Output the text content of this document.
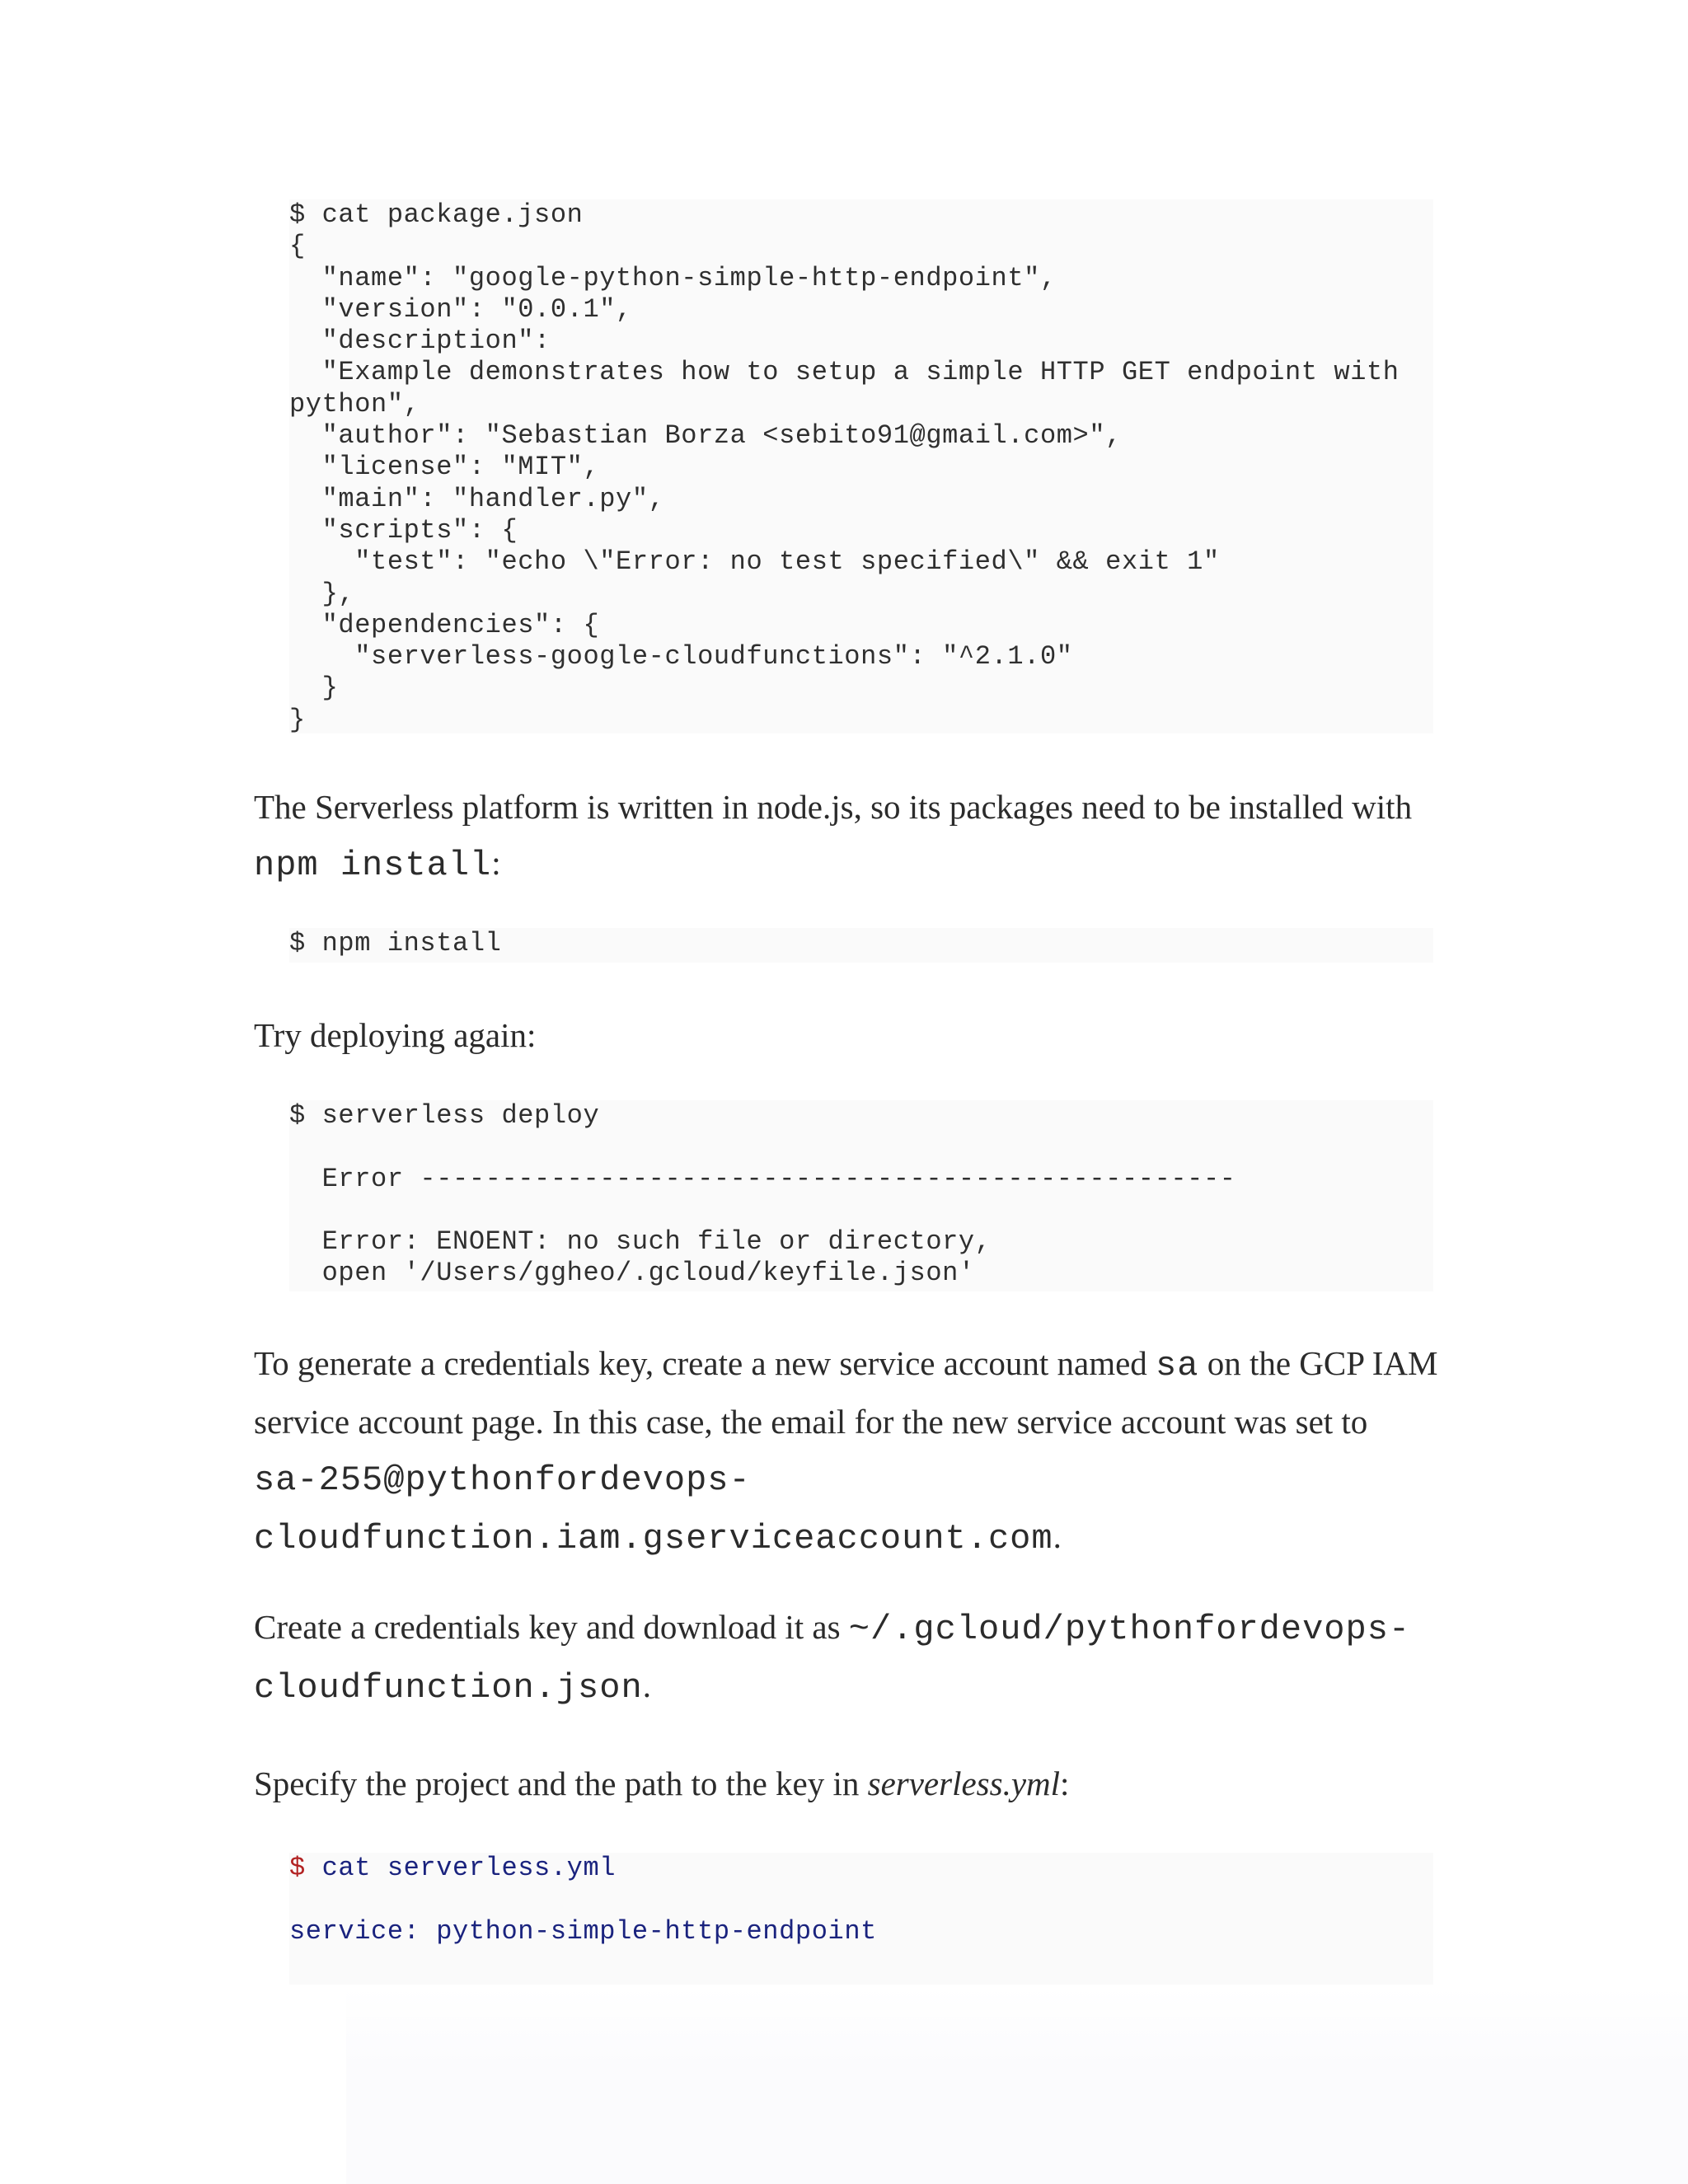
$ cat package.json
{
"name": "google-python-simple-http-endpoint",
"version": "0.0.1",
"description":
"Example demonstrates how to setup a simple HTTP GET endpoint with
python",
"author": "Sebastian Borza <sebito91@gmail.com>",
"license": "MIT",
"main": "handler.py",
"scripts": {
"test": "echo \"Error: no test specified\" && exit 1"
},
"dependencies": {
"serverless-google-cloudfunctions": "^2.1.0"
}
}

The Serverless platform is written in node.js, so its packages need to be installed with npm install:

$ npm install

Try deploying again:

$ serverless deploy
Error --------------------------------------------------
Error: ENOENT: no such file or directory,
open '/Users/ggheo/.gcloud/keyfile.json'

To generate a credentials key, create a new service account named sa on the GCP IAM service account page. In this case, the email for the new service account was set to sa-255@pythonfordevops-cloudfunction.iam.gserviceaccount.com.

Create a credentials key and download it as ~/.gcloud/pythonfordevops-cloudfunction.json.

Specify the project and the path to the key in serverless.yml:

$ cat serverless.yml

service: python-simple-http-endpoint
